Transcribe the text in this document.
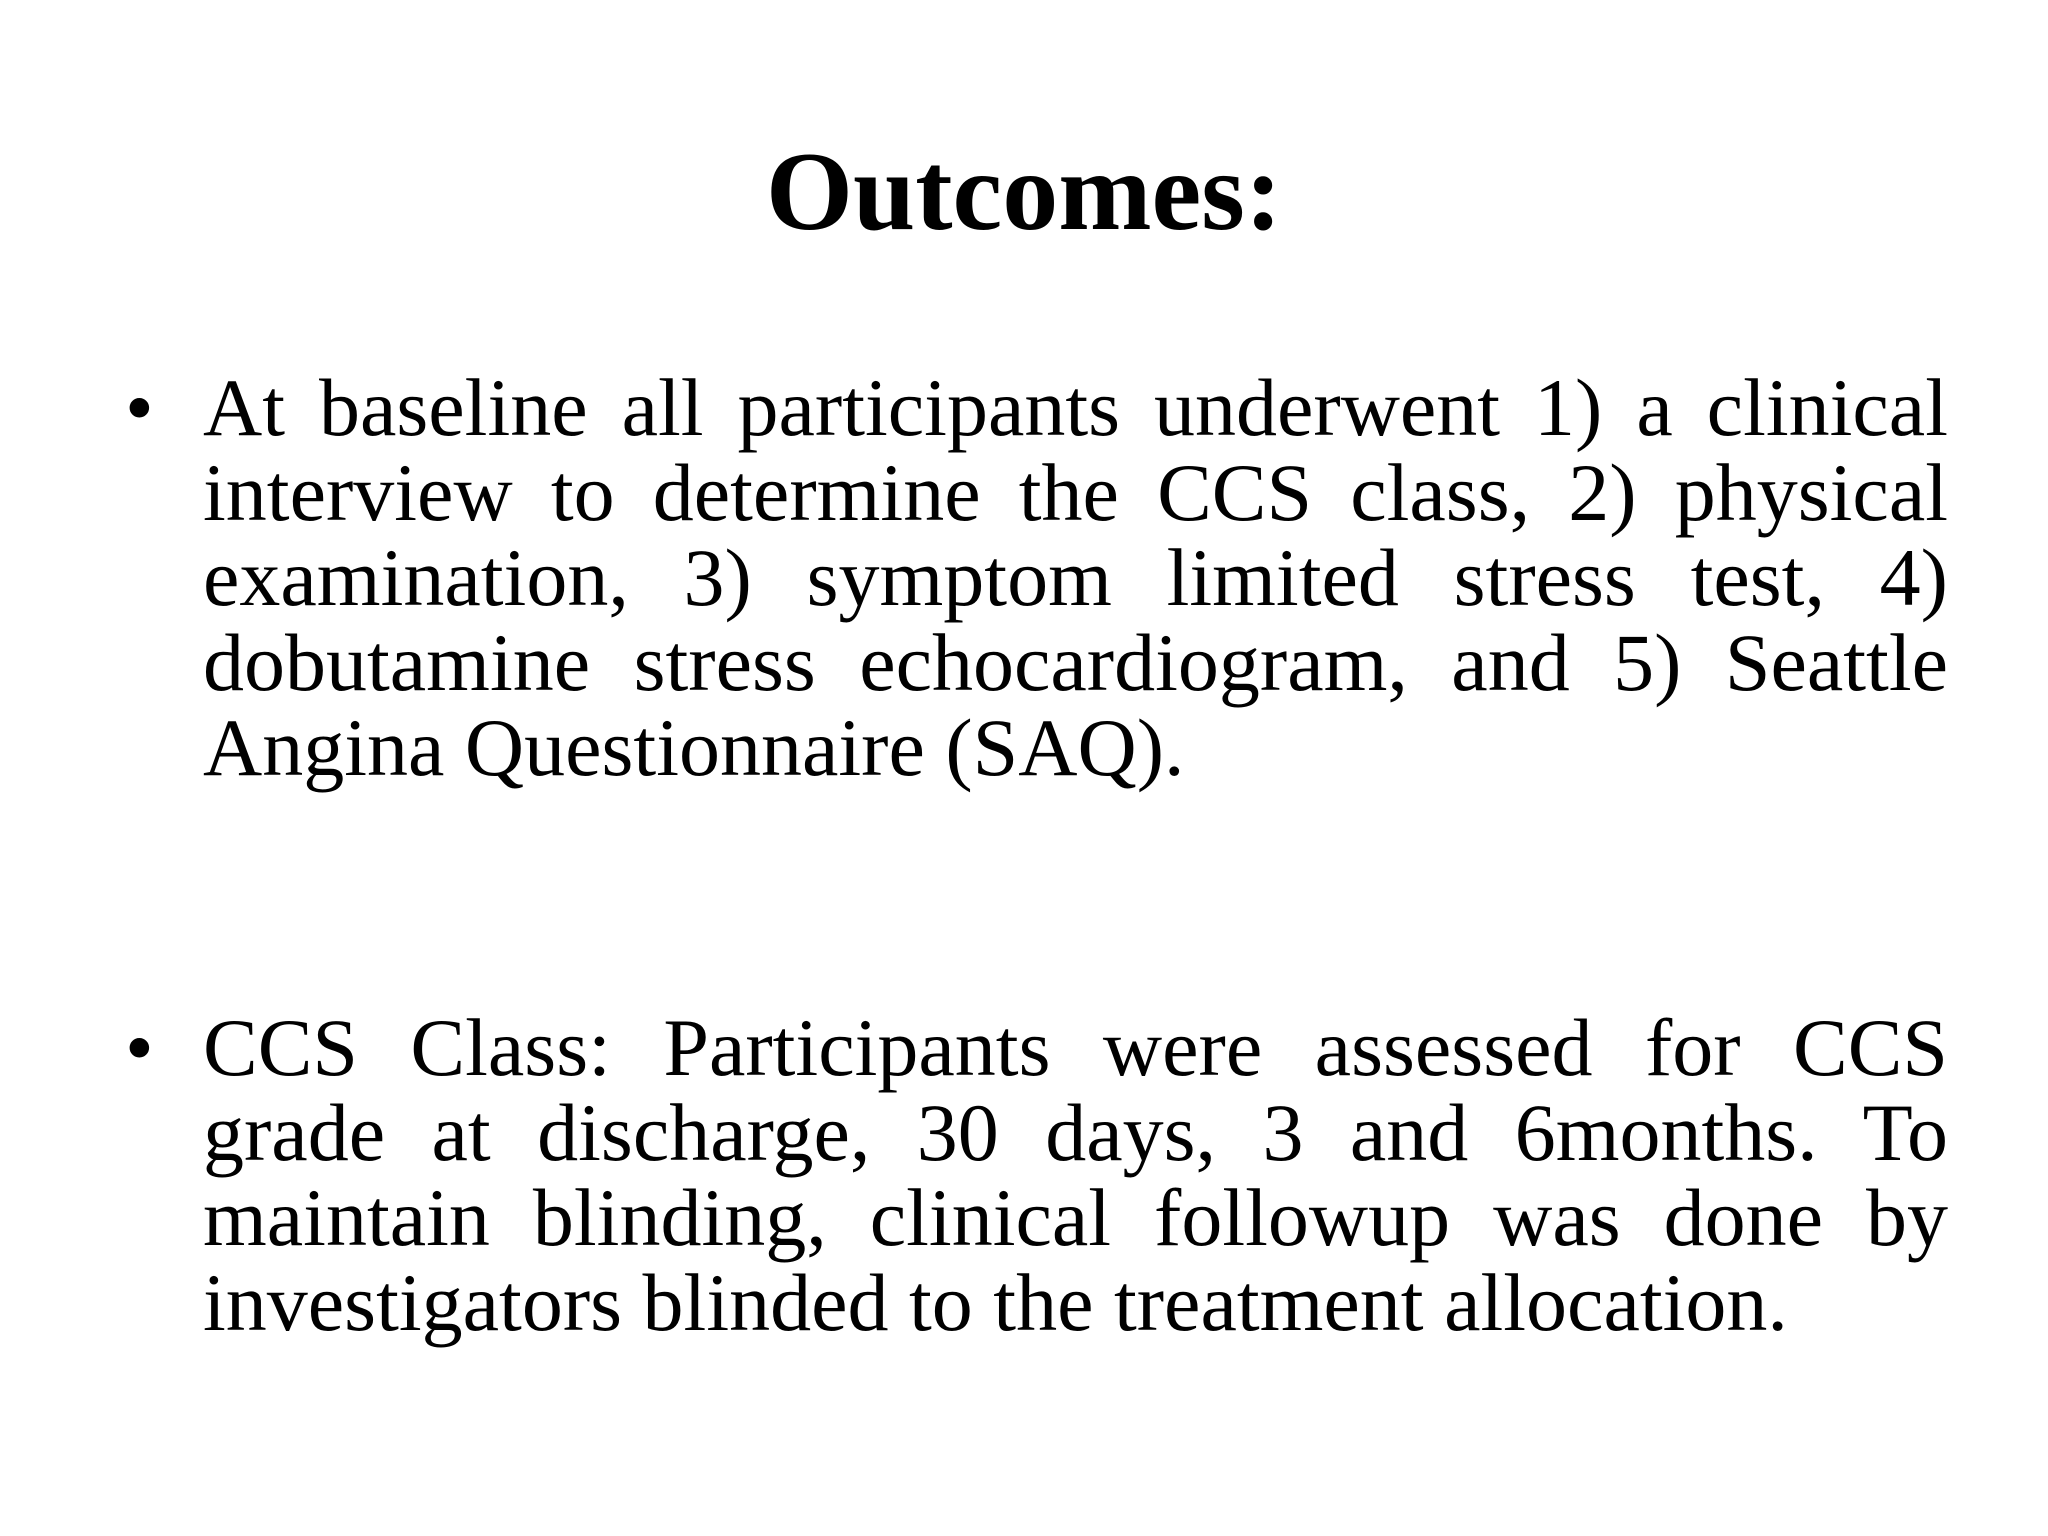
Outcomes:
• At baseline all participants underwent 1) a clinical interview to determine the CCS class, 2) physical examination, 3) symptom limited stress test, 4) dobutamine stress echocardiogram, and 5) Seattle Angina Questionnaire (SAQ).
• CCS Class: Participants were assessed for CCS grade at discharge, 30 days, 3 and 6months. To maintain blinding, clinical followup was done by investigators blinded to the treatment allocation.
